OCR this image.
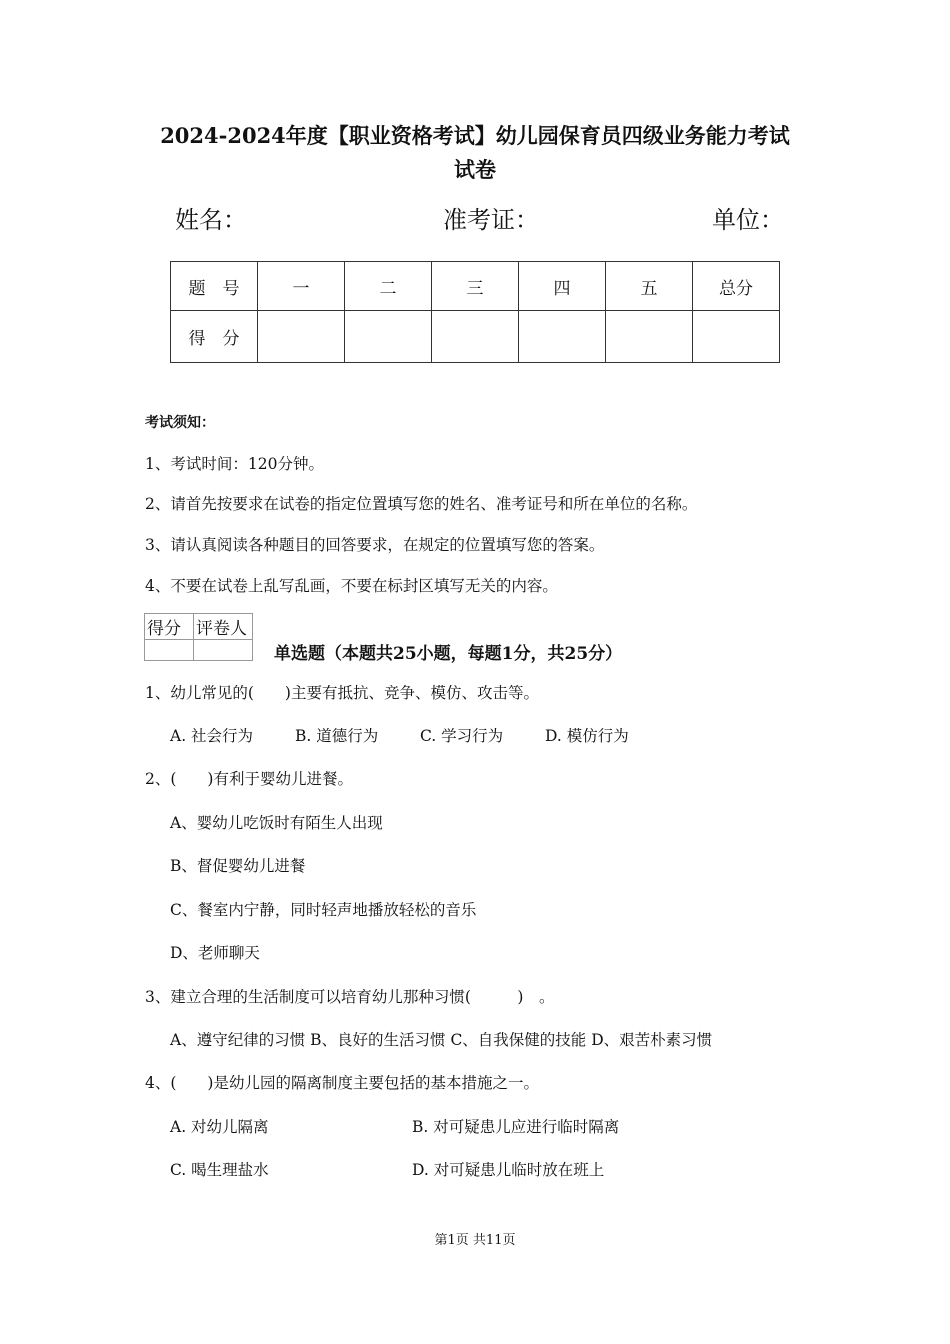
2024-2024年度【职业资格考试】幼儿园保育员四级业务能力考试
试卷
姓名：	准考证：	单位：
题　号	一	二	三	四	五	总分
得　分						
考试须知：
1、考试时间：120分钟。
2、请首先按要求在试卷的指定位置填写您的姓名、准考证号和所在单位的名称。
3、请认真阅读各种题目的回答要求，在规定的位置填写您的答案。
4、不要在试卷上乱写乱画，不要在标封区填写无关的内容。
得分	评卷人

单选题（本题共25小题，每题1分，共25分）
1、幼儿常见的(　　)主要有抵抗、竞争、模仿、攻击等。
A. 社会行为	B. 道德行为	C. 学习行为	D. 模仿行为
2、(　　)有利于婴幼儿进餐。
A、婴幼儿吃饭时有陌生人出现
B、督促婴幼儿进餐
C、餐室内宁静，同时轻声地播放轻松的音乐
D、老师聊天
3、建立合理的生活制度可以培育幼儿那种习惯(　　　)　。
A、遵守纪律的习惯 B、良好的生活习惯 C、自我保健的技能 D、艰苦朴素习惯
4、(　　)是幼儿园的隔离制度主要包括的基本措施之一。
A. 对幼儿隔离	B. 对可疑患儿应进行临时隔离
C. 喝生理盐水	D. 对可疑患儿临时放在班上
第1页 共11页
